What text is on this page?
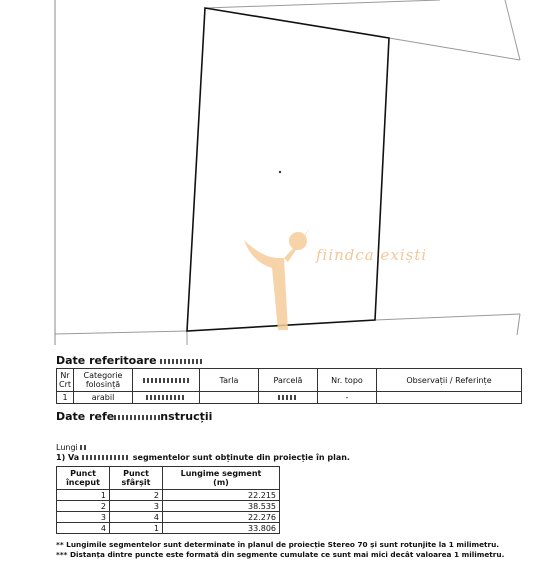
fiindca exiști
Date referitoare
Nr Crt	Categorie folosință		Tarla	Parcelă	Nr. topo	Observații / Referințe
1	arabil				-	
Date refe	nstrucții
Lungi
1) Va	segmentelor sunt obținute din proiecție în plan.
Punct început	Punct sfârșit	Lungime segment
(m)
1	2	22.215
2	3	38.535
3	4	22.276
4	1	33.806
** Lungimile segmentelor sunt determinate în planul de proiecție Stereo 70 și sunt rotunjite la 1 milimetru.
*** Distanța dintre puncte este formată din segmente cumulate ce sunt mai mici decât valoarea 1 milimetru.
